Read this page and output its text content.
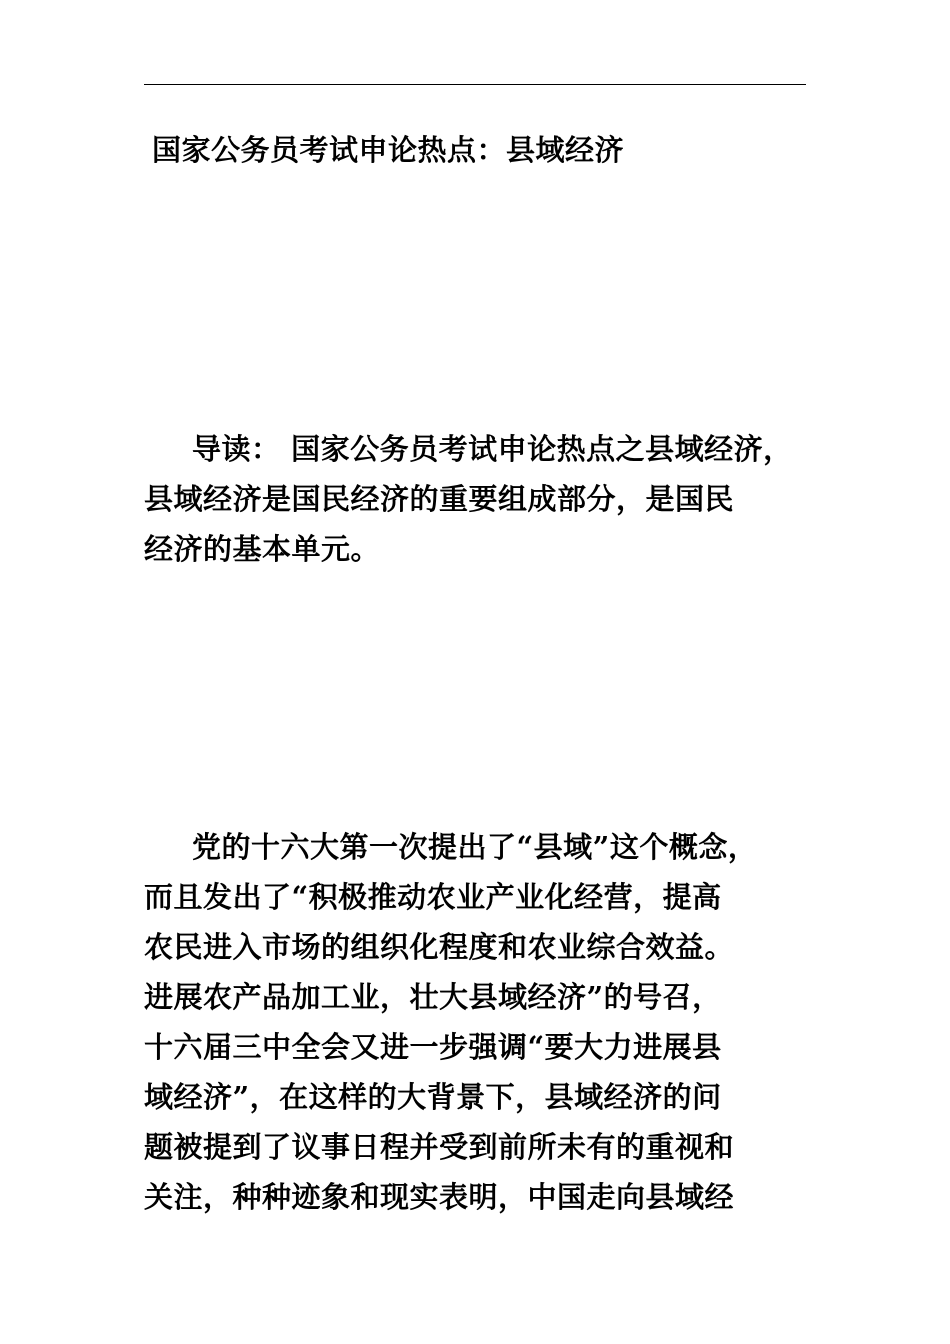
国家公务员考试申论热点：县域经济
导读： 国家公务员考试申论热点之县域经济，
县域经济是国民经济的重要组成部分，是国民
经济的基本单元。
党的十六大第一次提出了“县域”这个概念，
而且发出了“积极推动农业产业化经营，提高
农民进入市场的组织化程度和农业综合效益。
进展农产品加工业，壮大县域经济”的号召，
十六届三中全会又进一步强调“要大力进展县
域经济”，在这样的大背景下，县域经济的问
题被提到了议事日程并受到前所未有的重视和
关注，种种迹象和现实表明，中国走向县域经
